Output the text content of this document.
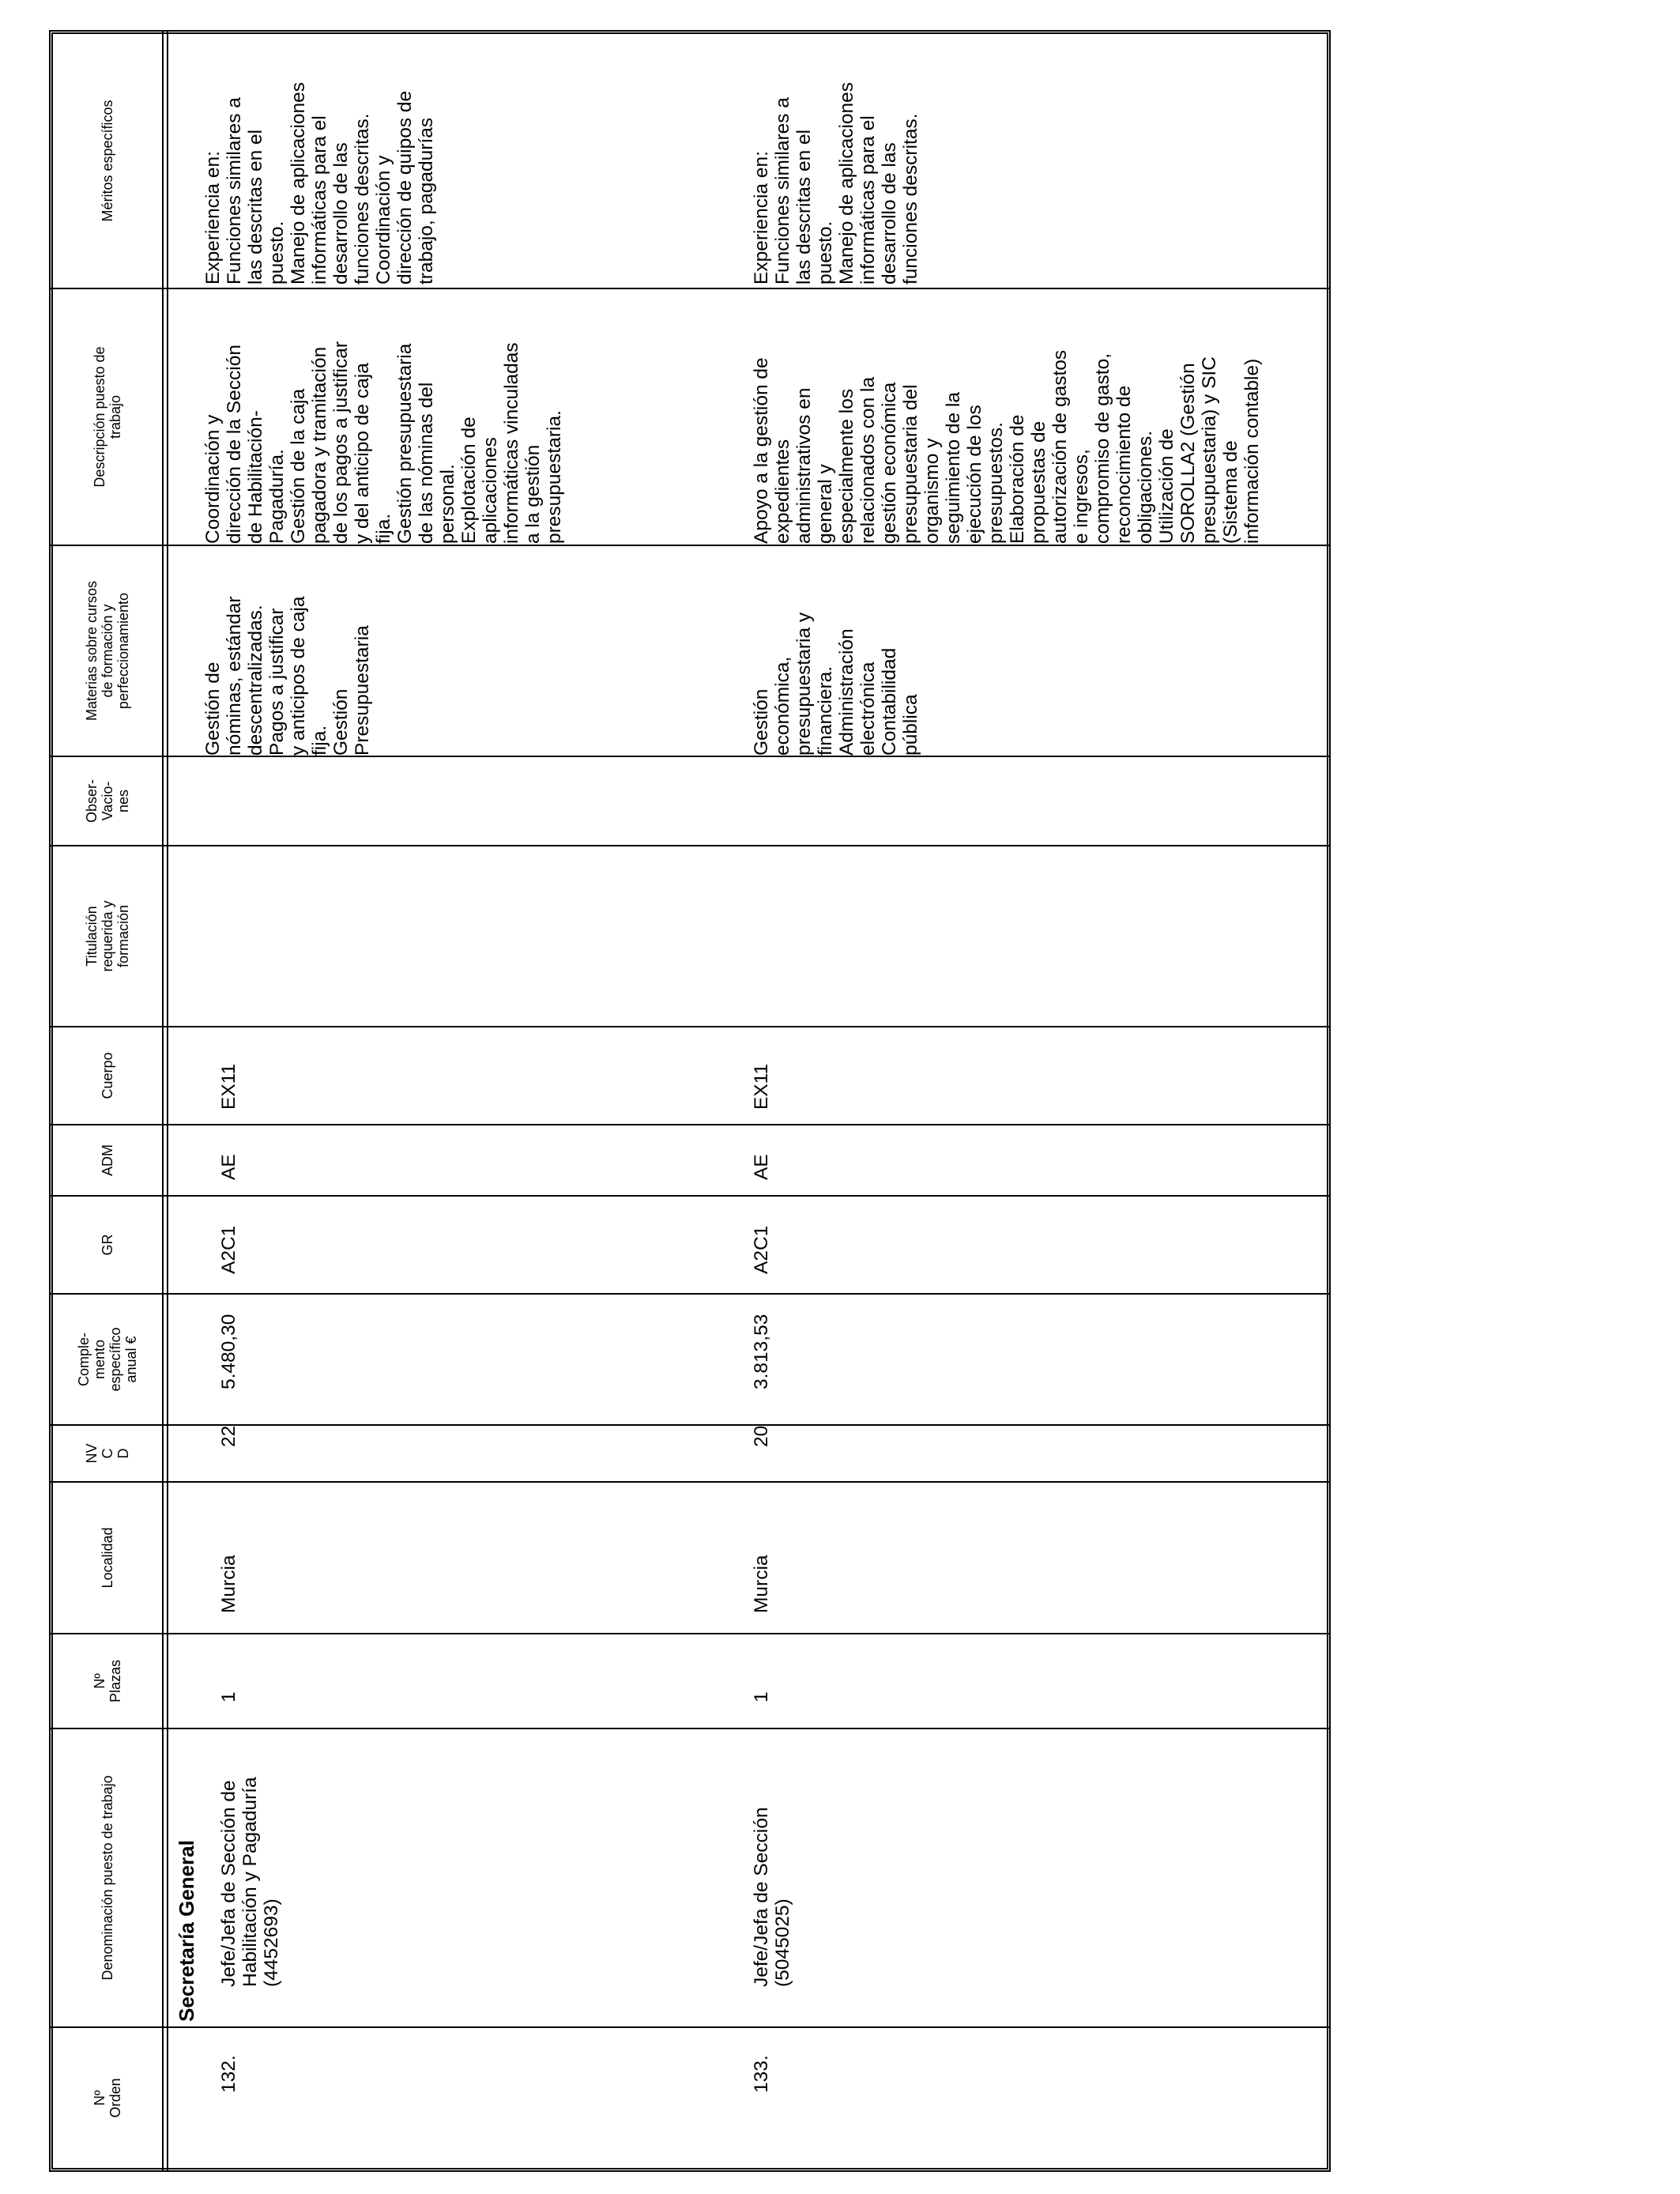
Nº
Orden
Denominación puesto de trabajo
Nº
Plazas
Localidad
NV
C
D
Comple-
mento
específico
anual €
GR
ADM
Cuerpo
Titulación
requerida y
formación
Obser-
Vacio-
nes
Materias sobre cursos
de formación y
perfeccionamiento
Descripción puesto de
trabajo
Méritos específicos
Secretaría General
132.
Jefe/Jefa de Sección de
Habilitación y Pagaduría
(4452693)
1
Murcia
22
5.480,30
A2C1
AE
EX11
Gestión de
nóminas, estándar
descentralizadas.
Pagos a justificar
y anticipos de caja
fija.
Gestión
Presupuestaria
Coordinación y
dirección de la Sección
de Habilitación-
Pagaduría.
Gestión de la caja
pagadora y tramitación
de los pagos a justificar
y del anticipo de caja
fija.
Gestión presupuestaria
de las nóminas del
personal.
Explotación de
aplicaciones
informáticas vinculadas
a la gestión
presupuestaria.
Experiencia en:
Funciones similares a
las descritas en el
puesto.
Manejo de aplicaciones
informáticas para el
desarrollo de las
funciones descritas.
Coordinación y
dirección de quipos de
trabajo, pagadurías
133.
Jefe/Jefa de Sección
(5045025)
1
Murcia
20
3.813,53
A2C1
AE
EX11
Gestión
económica,
presupuestaria y
financiera.
Administración
electrónica
Contabilidad
pública
Apoyo a la gestión de
expedientes
administrativos en
general y
especialmente los
relacionados con la
gestión económica
presupuestaria del
organismo y
seguimiento de la
ejecución de los
presupuestos.
Elaboración de
propuestas de
autorización de gastos
e ingresos,
compromiso de gasto,
reconocimiento de
obligaciones.
Utilización de
SOROLLA2 (Gestión
presupuestaria) y SIC
(Sistema de
información contable)
Experiencia en:
Funciones similares a
las descritas en el
puesto.
Manejo de aplicaciones
informáticas para el
desarrollo de las
funciones descritas.
